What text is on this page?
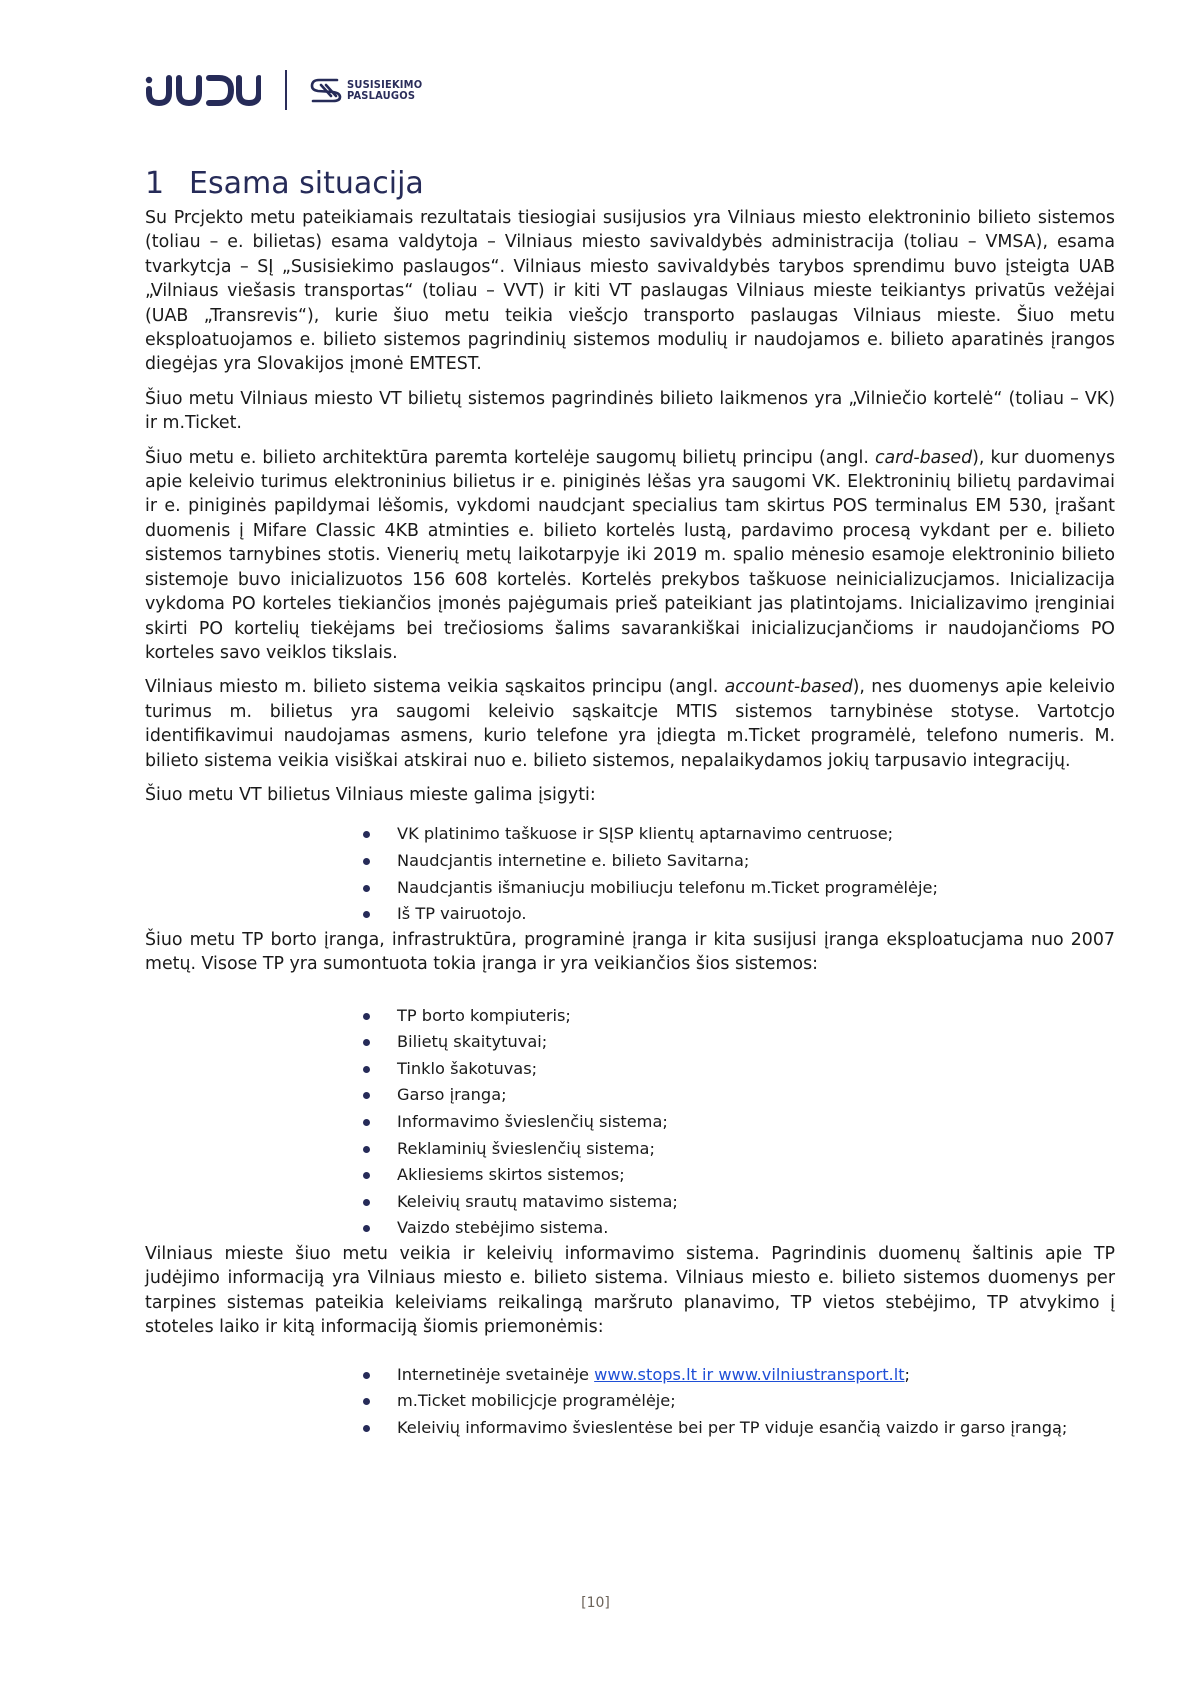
SUSISIEKIMO
PASLAUGOS
1 Esama situacija

Su Prcjekto metu pateikiamais rezultatais tiesiogiai susijusios yra Vilniaus miesto elektroninio bilieto sistemos (toliau – e. bilietas) esama valdytoja – Vilniaus miesto savivaldybės administracija (toliau – VMSA), esama tvarkytcja – SĮ „Susisiekimo paslaugos“. Vilniaus miesto savivaldybės tarybos sprendimu buvo įsteigta UAB „Vilniaus viešasis transportas“ (toliau – VVT) ir kiti VT paslaugas Vilniaus mieste teikiantys privatūs vežėjai (UAB „Transrevis“), kurie šiuo metu teikia viešcjo transporto paslaugas Vilniaus mieste. Šiuo metu eksploatuojamos e. bilieto sistemos pagrindinių sistemos modulių ir naudojamos e. bilieto aparatinės įrangos diegėjas yra Slovakijos įmonė EMTEST.

Šiuo metu Vilniaus miesto VT bilietų sistemos pagrindinės bilieto laikmenos yra „Vilniečio kortelė“ (toliau – VK) ir m.Ticket.

Šiuo metu e. bilieto architektūra paremta kortelėje saugomų bilietų principu (angl. card-based), kur duomenys apie keleivio turimus elektroninius bilietus ir e. piniginės lėšas yra saugomi VK. Elektroninių bilietų pardavimai ir e. piniginės papildymai lėšomis, vykdomi naudcjant specialius tam skirtus POS terminalus EM 530, įrašant duomenis į Mifare Classic 4KB atminties e. bilieto kortelės lustą, pardavimo procesą vykdant per e. bilieto sistemos tarnybines stotis. Vienerių metų laikotarpyje iki 2019 m. spalio mėnesio esamoje elektroninio bilieto sistemoje buvo inicializuotos 156 608 kortelės. Kortelės prekybos taškuose neinicializucjamos. Inicializacija vykdoma PO korteles tiekiančios įmonės pajėgumais prieš pateikiant jas platintojams. Inicializavimo įrenginiai skirti PO kortelių tiekėjams bei trečiosioms šalims savarankiškai inicializucjančioms ir naudojančioms PO korteles savo veiklos tikslais.

Vilniaus miesto m. bilieto sistema veikia sąskaitos principu (angl. account-based), nes duomenys apie keleivio turimus m. bilietus yra saugomi keleivio sąskaitcje MTIS sistemos tarnybinėse stotyse. Vartotcjo identifikavimui naudojamas asmens, kurio telefone yra įdiegta m.Ticket programėlė, telefono numeris. M. bilieto sistema veikia visiškai atskirai nuo e. bilieto sistemos, nepalaikydamos jokių tarpusavio integracijų.

Šiuo metu VT bilietus Vilniaus mieste galima įsigyti:

VK platinimo taškuose ir SĮSP klientų aptarnavimo centruose;
Naudcjantis internetine e. bilieto Savitarna;
Naudcjantis išmaniucju mobiliucju telefonu m.Ticket programėlėje;
Iš TP vairuotojo.

Šiuo metu TP borto įranga, infrastruktūra, programinė įranga ir kita susijusi įranga eksploatucjama nuo 2007 metų. Visose TP yra sumontuota tokia įranga ir yra veikiančios šios sistemos:

TP borto kompiuteris;
Bilietų skaitytuvai;
Tinklo šakotuvas;
Garso įranga;
Informavimo švieslenčių sistema;
Reklaminių švieslenčių sistema;
Akliesiems skirtos sistemos;
Keleivių srautų matavimo sistema;
Vaizdo stebėjimo sistema.

Vilniaus mieste šiuo metu veikia ir keleivių informavimo sistema. Pagrindinis duomenų šaltinis apie TP judėjimo informaciją yra Vilniaus miesto e. bilieto sistema. Vilniaus miesto e. bilieto sistemos duomenys per tarpines sistemas pateikia keleiviams reikalingą maršruto planavimo, TP vietos stebėjimo, TP atvykimo į stoteles laiko ir kitą informaciją šiomis priemonėmis:

Internetinėje svetainėje www.stops.lt ir www.vilniustransport.lt;
m.Ticket mobilicjcje programėlėje;
Keleivių informavimo švieslentėse bei per TP viduje esančią vaizdo ir garso įrangą;
[10]
